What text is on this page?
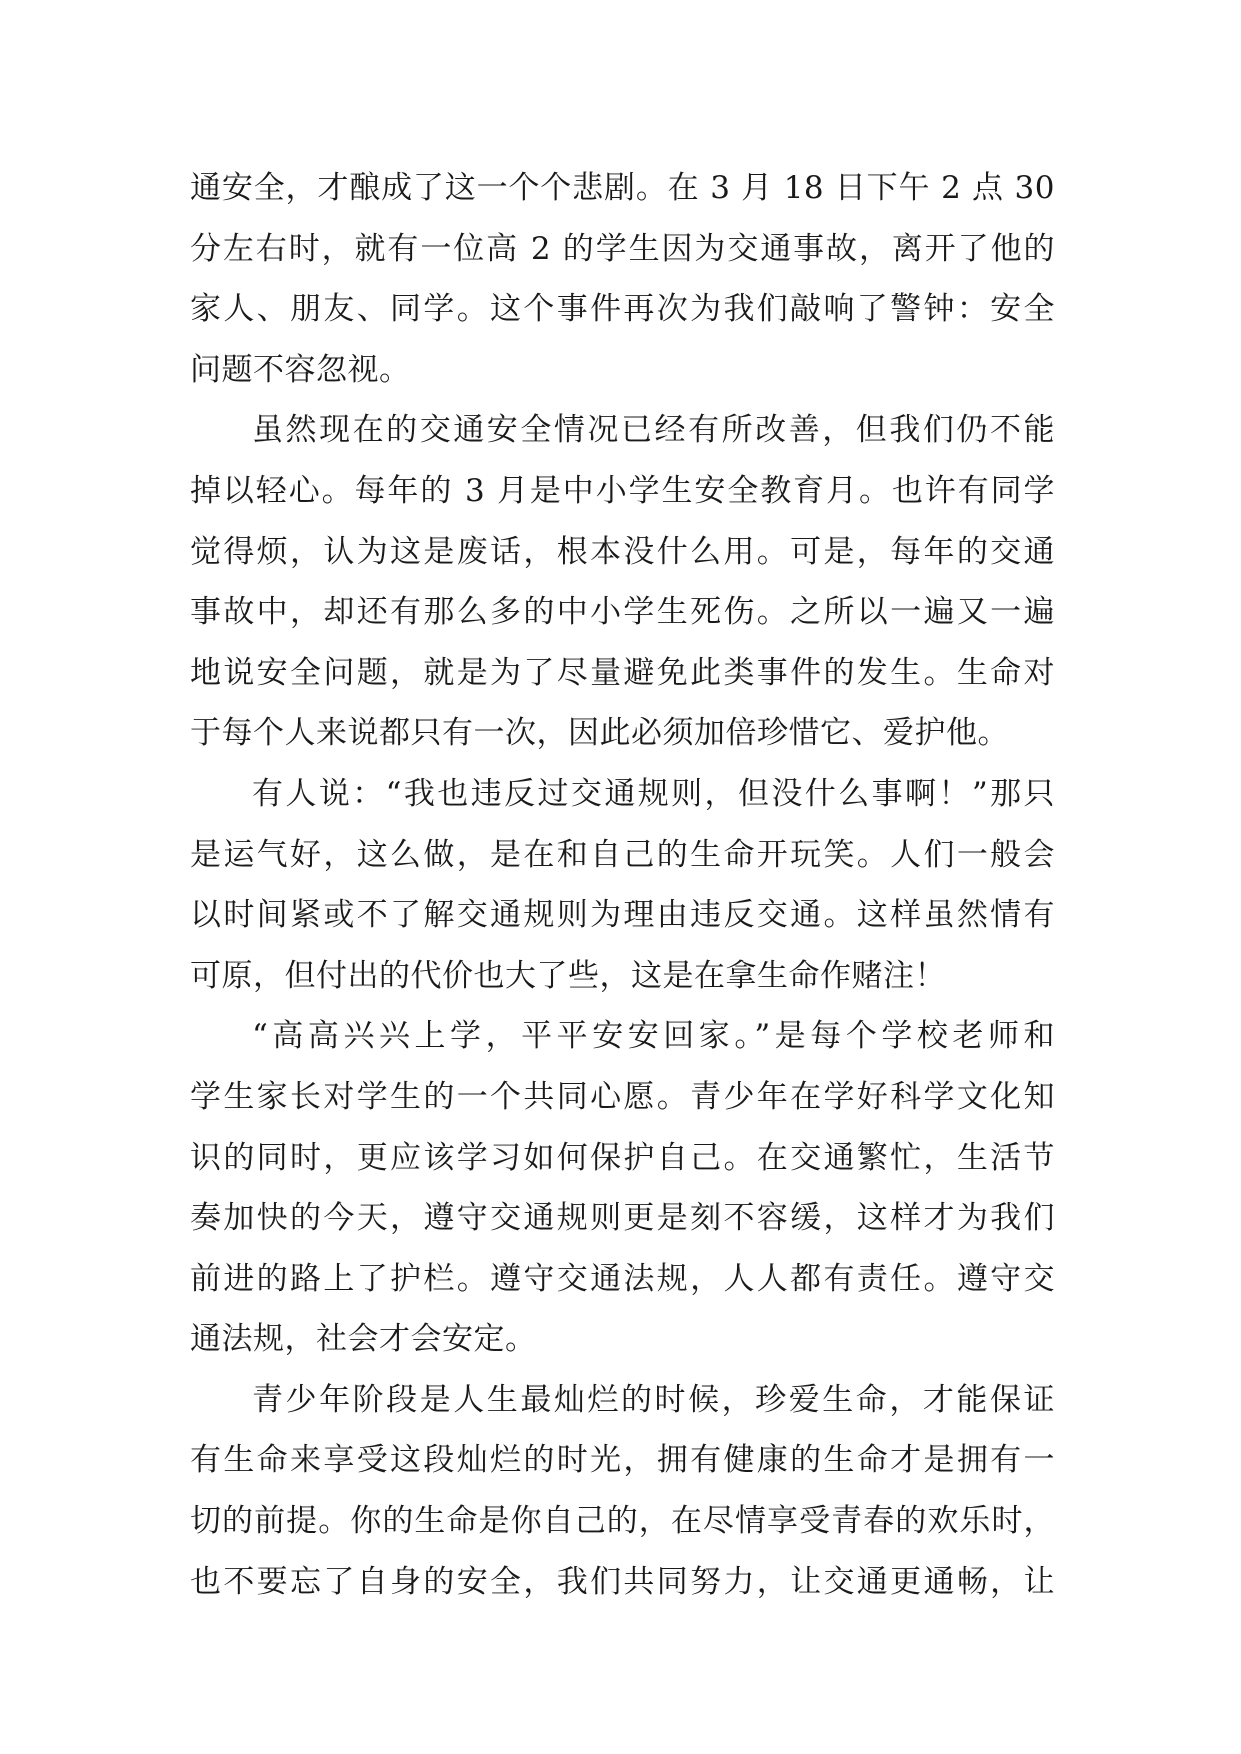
通安全，才酿成了这一个个悲剧。在 3 月 18 日下午 2 点 30
分左右时，就有一位高 2 的学生因为交通事故，离开了他的
家人、朋友、同学。这个事件再次为我们敲响了警钟：安全
问题不容忽视。
虽然现在的交通安全情况已经有所改善，但我们仍不能
掉以轻心。每年的 3 月是中小学生安全教育月。也许有同学
觉得烦，认为这是废话，根本没什么用。可是，每年的交通
事故中，却还有那么多的中小学生死伤。之所以一遍又一遍
地说安全问题，就是为了尽量避免此类事件的发生。生命对
于每个人来说都只有一次，因此必须加倍珍惜它、爱护他。
有人说：“我也违反过交通规则，但没什么事啊！”那只
是运气好，这么做，是在和自己的生命开玩笑。人们一般会
以时间紧或不了解交通规则为理由违反交通。这样虽然情有
可原，但付出的代价也大了些，这是在拿生命作赌注！
“高高兴兴上学，平平安安回家。”是每个学校老师和
学生家长对学生的一个共同心愿。青少年在学好科学文化知
识的同时，更应该学习如何保护自己。在交通繁忙，生活节
奏加快的今天，遵守交通规则更是刻不容缓，这样才为我们
前进的路上了护栏。遵守交通法规，人人都有责任。遵守交
通法规，社会才会安定。
青少年阶段是人生最灿烂的时候，珍爱生命，才能保证
有生命来享受这段灿烂的时光，拥有健康的生命才是拥有一
切的前提。你的生命是你自己的，在尽情享受青春的欢乐时，
也不要忘了自身的安全，我们共同努力，让交通更通畅，让
